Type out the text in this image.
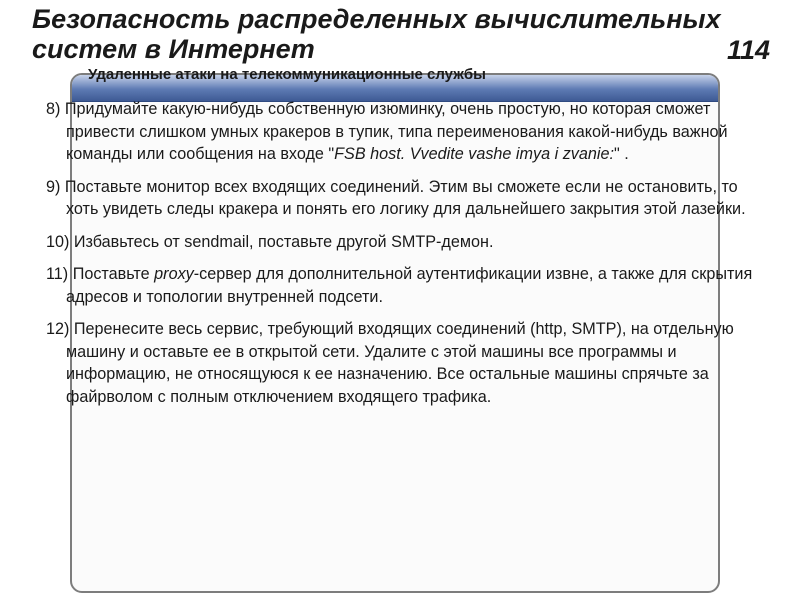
Безопасность распределенных вычислительных
систем в Интернет	114
Удаленные атаки на телекоммуникационные службы
8) Придумайте какую-нибудь собственную изюминку, очень простую, но которая сможет привести слишком умных кракеров в тупик, типа переименования какой-нибудь важной команды или сообщения на входе "FSB host. Vvedite vashe imya i zvanie:" .
9) Поставьте монитор всех входящих соединений. Этим вы сможете если не остановить, то хоть увидеть следы кракера и понять его логику для дальнейшего закрытия этой лазейки.
10) Избавьтесь от sendmail, поставьте другой SMTP-демон.
11) Поставьте proxy-сервер для дополнительной аутентификации извне, а также для скрытия адресов и топологии внутренней подсети.
12) Перенесите весь сервис, требующий входящих соединений (http, SMTP), на отдельную машину и оставьте ее в открытой сети. Удалите с этой машины все программы и информацию, не относящуюся к ее назначению. Все остальные машины спрячьте за файрволом с полным отключением входящего трафика.
